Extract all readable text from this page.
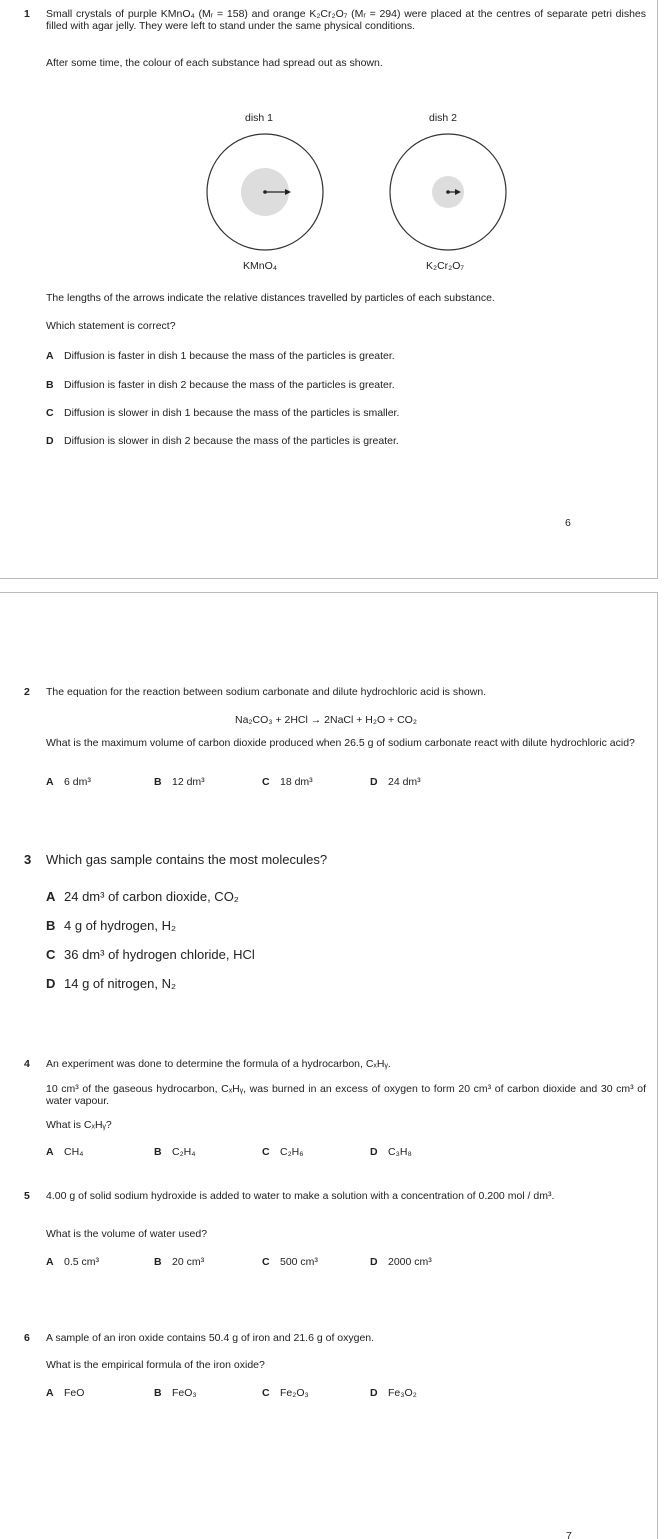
1 Small crystals of purple KMnO₄ (Mᵣ = 158) and orange K₂Cr₂O₇ (Mᵣ = 294) were placed at the centres of separate petri dishes filled with agar jelly. They were left to stand under the same physical conditions.
After some time, the colour of each substance had spread out as shown.
dish 1	dish 2
KMnO₄	K₂Cr₂O₇
The lengths of the arrows indicate the relative distances travelled by particles of each substance.
Which statement is correct?
A Diffusion is faster in dish 1 because the mass of the particles is greater.
B Diffusion is faster in dish 2 because the mass of the particles is greater.
C Diffusion is slower in dish 1 because the mass of the particles is smaller.
D Diffusion is slower in dish 2 because the mass of the particles is greater.
6
2 The equation for the reaction between sodium carbonate and dilute hydrochloric acid is shown.
Na₂CO₃ + 2HCl → 2NaCl + H₂O + CO₂
What is the maximum volume of carbon dioxide produced when 26.5 g of sodium carbonate react with dilute hydrochloric acid?
A 6 dm³	B 12 dm³	C 18 dm³	D 24 dm³
3 Which gas sample contains the most molecules?
A 24 dm³ of carbon dioxide, CO₂
B 4 g of hydrogen, H₂
C 36 dm³ of hydrogen chloride, HCl
D 14 g of nitrogen, N₂
4 An experiment was done to determine the formula of a hydrocarbon, CₓHᵧ.
10 cm³ of the gaseous hydrocarbon, CₓHᵧ, was burned in an excess of oxygen to form 20 cm³ of carbon dioxide and 30 cm³ of water vapour.
What is CₓHᵧ?
A CH₄	B C₂H₄	C C₂H₆	D C₃H₈
5 4.00 g of solid sodium hydroxide is added to water to make a solution with a concentration of 0.200 mol / dm³.
What is the volume of water used?
A 0.5 cm³	B 20 cm³	C 500 cm³	D 2000 cm³
6 A sample of an iron oxide contains 50.4 g of iron and 21.6 g of oxygen.
What is the empirical formula of the iron oxide?
A FeO	B FeO₃	C Fe₂O₃	D Fe₃O₂
7
